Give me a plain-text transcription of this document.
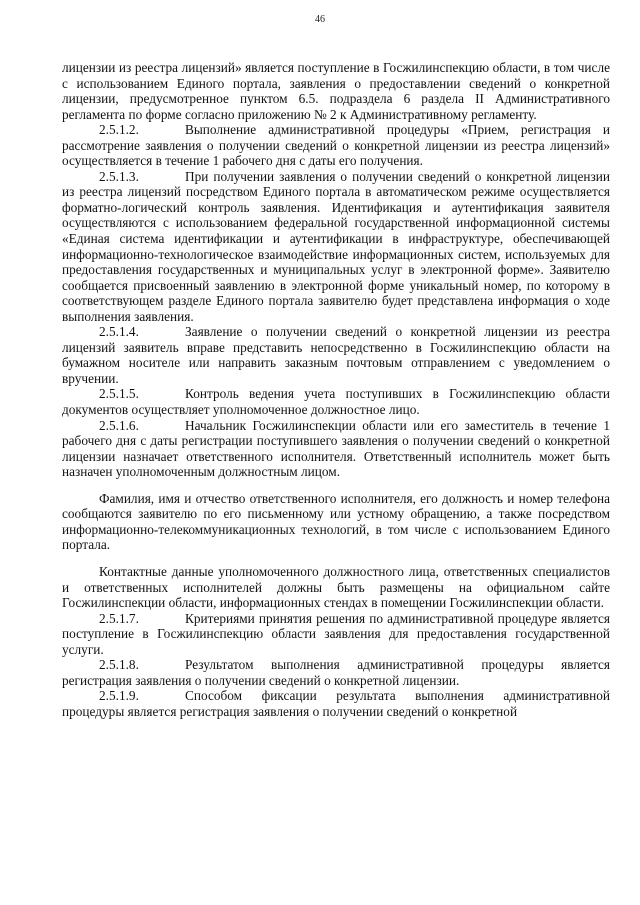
46

лицензии из реестра лицензий» является поступление в Госжилинспекцию области, в том числе с использованием Единого портала, заявления о предоставлении сведений о конкретной лицензии, предусмотренное пунктом 6.5. подраздела 6 раздела II Административного регламента по форме согласно приложению № 2 к Административному регламенту.

2.5.1.2.	Выполнение административной процедуры «Прием, регистрация и рассмотрение заявления о получении сведений о конкретной лицензии из реестра лицензий» осуществляется в течение 1 рабочего дня с даты его получения.

2.5.1.3.	При получении заявления о получении сведений о конкретной лицензии из реестра лицензий посредством Единого портала в автоматическом режиме осуществляется форматно-логический контроль заявления. Идентификация и аутентификация заявителя осуществляются с использованием федеральной государственной информационной системы «Единая система идентификации и аутентификации в инфраструктуре, обеспечивающей информационно-технологическое взаимодействие информационных систем, используемых для предоставления государственных и муниципальных услуг в электронной форме». Заявителю сообщается присвоенный заявлению в электронной форме уникальный номер, по которому в соответствующем разделе Единого портала заявителю будет представлена информация о ходе выполнения заявления.

2.5.1.4.	Заявление о получении сведений о конкретной лицензии из реестра лицензий заявитель вправе представить непосредственно в Госжилинспекцию области на бумажном носителе или направить заказным почтовым отправлением с уведомлением о вручении.

2.5.1.5.	Контроль ведения учета поступивших в Госжилинспекцию области документов осуществляет уполномоченное должностное лицо.

2.5.1.6.	Начальник Госжилинспекции области или его заместитель в течение 1 рабочего дня с даты регистрации поступившего заявления о получении сведений о конкретной лицензии назначает ответственного исполнителя. Ответственный исполнитель может быть назначен уполномоченным должностным лицом.

Фамилия, имя и отчество ответственного исполнителя, его должность и номер телефона сообщаются заявителю по его письменному или устному обращению, а также посредством информационно-телекоммуникационных технологий, в том числе с использованием Единого портала.

Контактные данные уполномоченного должностного лица, ответственных специалистов и ответственных исполнителей должны быть размещены на официальном сайте Госжилинспекции области, информационных стендах в помещении Госжилинспекции области.

2.5.1.7.	Критериями принятия решения по административной процедуре является поступление в Госжилинспекцию области заявления для предоставления государственной услуги.

2.5.1.8.	Результатом выполнения административной процедуры является регистрация заявления о получении сведений о конкретной лицензии.

2.5.1.9.	Способом фиксации результата выполнения административной процедуры является регистрация заявления о получении сведений о конкретной
